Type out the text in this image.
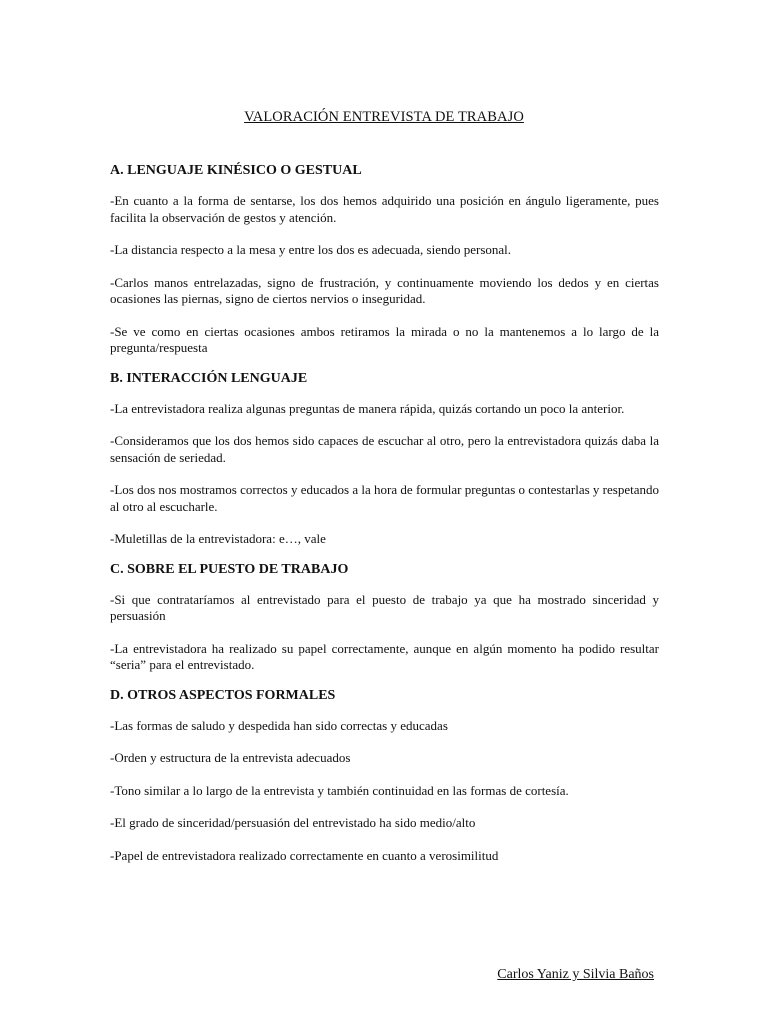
VALORACIÓN ENTREVISTA DE TRABAJO
A. LENGUAJE KINÉSICO O GESTUAL

-En cuanto a la forma de sentarse, los dos hemos adquirido una posición en ángulo ligeramente, pues facilita la observación de gestos y atención.

-La distancia respecto a la mesa y entre los dos es adecuada, siendo personal.

-Carlos manos entrelazadas, signo de frustración, y continuamente moviendo los dedos y en ciertas ocasiones las piernas, signo de ciertos nervios o inseguridad.

-Se ve como en ciertas ocasiones ambos retiramos la mirada o no la mantenemos a lo largo de la pregunta/respuesta

B. INTERACCIÓN LENGUAJE

-La entrevistadora realiza algunas preguntas de manera rápida, quizás cortando un poco la anterior.

-Consideramos que los dos hemos sido capaces de escuchar al otro, pero la entrevistadora quizás daba la sensación de seriedad.

-Los dos nos mostramos correctos y educados a la hora de formular preguntas o contestarlas y respetando al otro al escucharle.

-Muletillas de la entrevistadora: e…, vale

C. SOBRE EL PUESTO DE TRABAJO

-Si que contrataríamos al entrevistado para el puesto de trabajo ya que ha mostrado sinceridad y persuasión

-La entrevistadora ha realizado su papel correctamente, aunque en algún momento ha podido resultar “seria” para el entrevistado.

D. OTROS ASPECTOS FORMALES

-Las formas de saludo y despedida han sido correctas y educadas

-Orden y estructura de la entrevista adecuados

-Tono similar a lo largo de la entrevista y también continuidad en las formas de cortesía.

-El grado de sinceridad/persuasión del entrevistado ha sido medio/alto

-Papel de entrevistadora realizado correctamente en cuanto a verosimilitud

Carlos Yaniz y Silvia Baños
